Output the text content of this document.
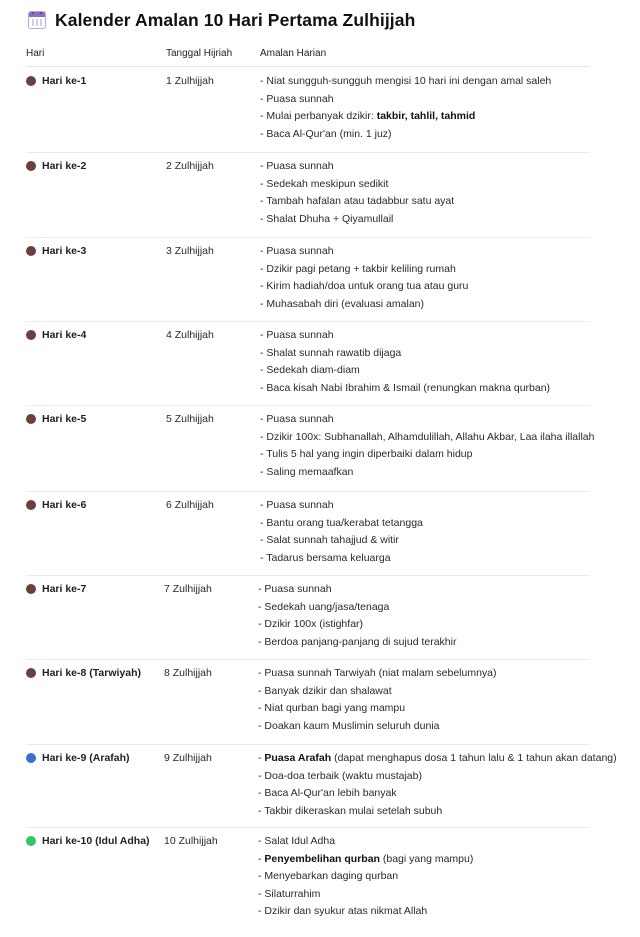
Kalender Amalan 10 Hari Pertama Zulhijjah
Hari	Tanggal Hijriah	Amalan Harian
Hari ke-1	1 Zulhijjah	- Niat sungguh-sungguh mengisi 10 hari ini dengan amal saleh
- Puasa sunnah
- Mulai perbanyak dzikir: takbir, tahlil, tahmid
- Baca Al-Qur'an (min. 1 juz)
Hari ke-2	2 Zulhijjah	- Puasa sunnah
- Sedekah meskipun sedikit
- Tambah hafalan atau tadabbur satu ayat
- Shalat Dhuha + Qiyamullail
Hari ke-3	3 Zulhijjah	- Puasa sunnah
- Dzikir pagi petang + takbir keliling rumah
- Kirim hadiah/doa untuk orang tua atau guru
- Muhasabah diri (evaluasi amalan)
Hari ke-4	4 Zulhijjah	- Puasa sunnah
- Shalat sunnah rawatib dijaga
- Sedekah diam-diam
- Baca kisah Nabi Ibrahim & Ismail (renungkan makna qurban)
Hari ke-5	5 Zulhijjah	- Puasa sunnah
- Dzikir 100x: Subhanallah, Alhamdulillah, Allahu Akbar, Laa ilaha illallah
- Tulis 5 hal yang ingin diperbaiki dalam hidup
- Saling memaafkan
Hari ke-6	6 Zulhijjah	- Puasa sunnah
- Bantu orang tua/kerabat tetangga
- Salat sunnah tahajjud & witir
- Tadarus bersama keluarga
Hari ke-7	7 Zulhijjah	- Puasa sunnah
- Sedekah uang/jasa/tenaga
- Dzikir 100x (istighfar)
- Berdoa panjang-panjang di sujud terakhir
Hari ke-8 (Tarwiyah) 8 Zulhijjah	- Puasa sunnah Tarwiyah (niat malam sebelumnya)
- Banyak dzikir dan shalawat
- Niat qurban bagi yang mampu
- Doakan kaum Muslimin seluruh dunia
Hari ke-9 (Arafah)	9 Zulhijjah	- Puasa Arafah (dapat menghapus dosa 1 tahun lalu & 1 tahun akan datang)
- Doa-doa terbaik (waktu mustajab)
- Baca Al-Qur'an lebih banyak
- Takbir dikeraskan mulai setelah subuh
Hari ke-10 (Idul Adha) 10 Zulhijjah	- Salat Idul Adha
- Penyembelihan qurban (bagi yang mampu)
- Menyebarkan daging qurban
- Silaturrahim
- Dzikir dan syukur atas nikmat Allah
